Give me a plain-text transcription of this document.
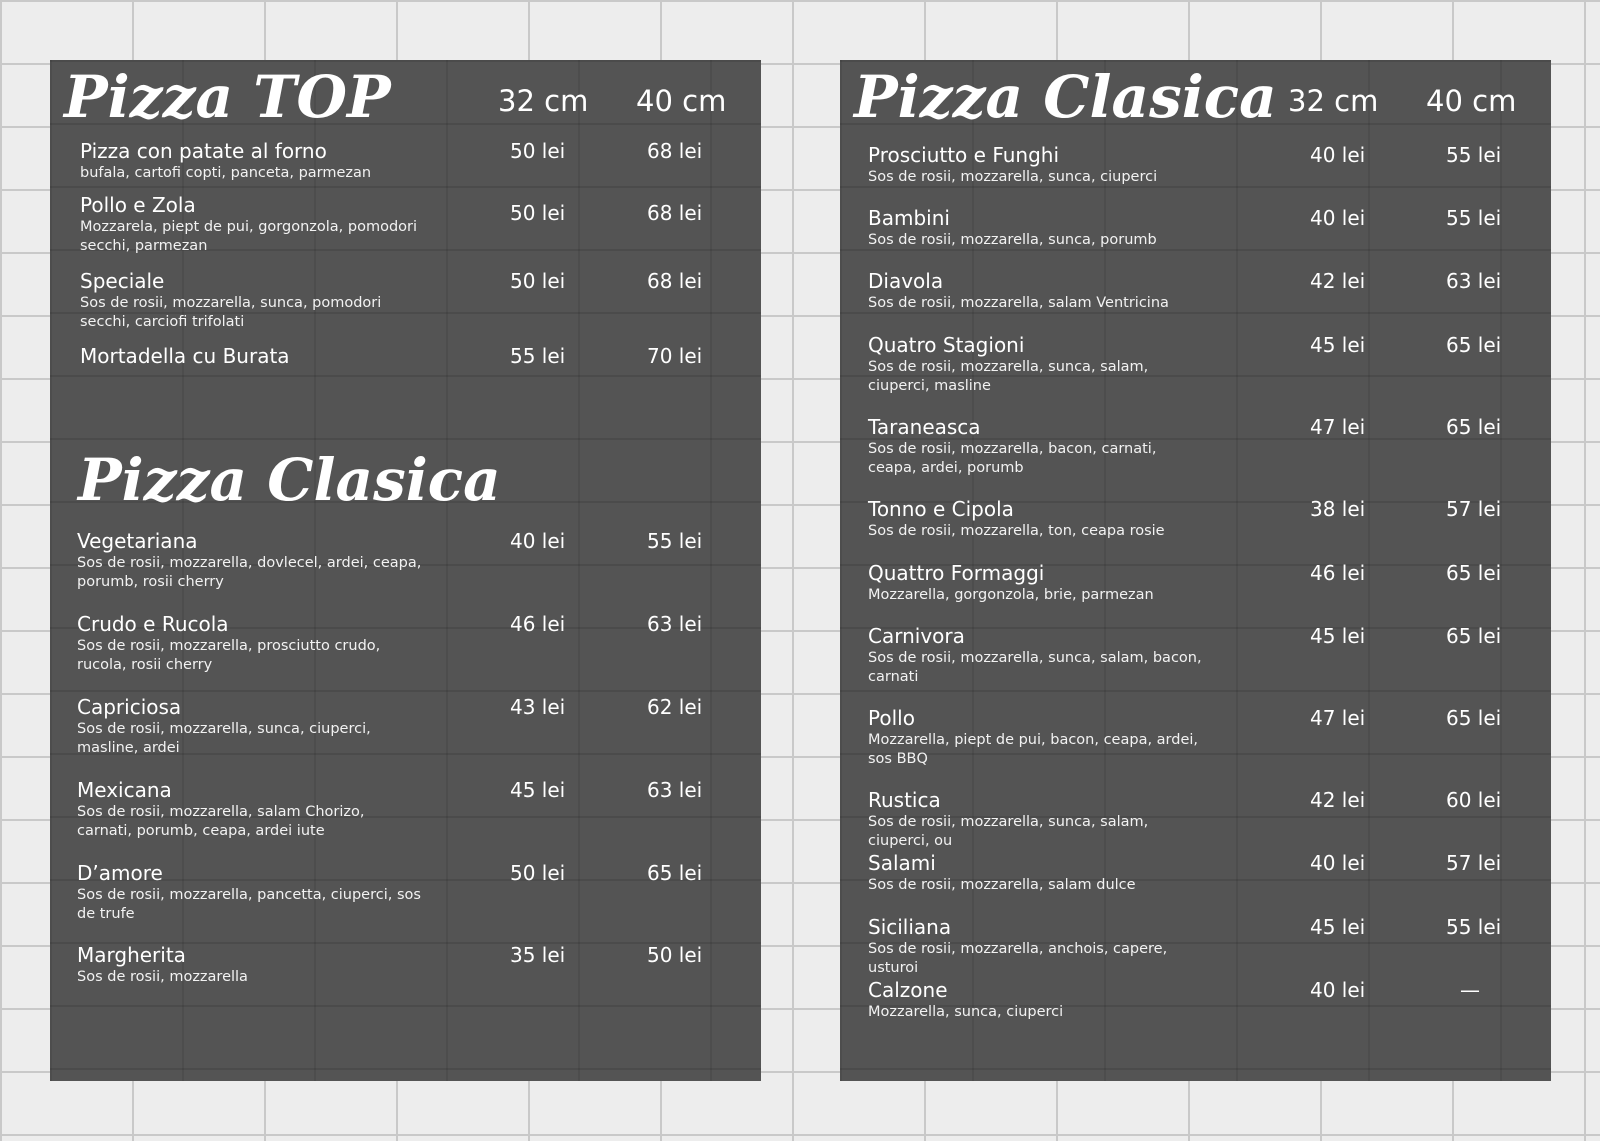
Pizza TOP	32 cm 40 cm
Pizza con patate al forno
bufala, cartofi copti, panceta, parmezan
50 lei	68 lei
Pollo e Zola
Mozzarela, piept de pui, gorgonzola, pomodori secchi, parmezan
50 lei	68 lei
Speciale
Sos de rosii, mozzarella, sunca, pomodori secchi, carciofi trifolati
50 lei	68 lei
Mortadella cu Burata	55 lei	70 lei
Pizza Clasica
Vegetariana
Sos de rosii, mozzarella, dovlecel, ardei, ceapa, porumb, rosii cherry
40 lei	55 lei
Crudo e Rucola
Sos de rosii, mozzarella, prosciutto crudo, rucola, rosii cherry
46 lei	63 lei
Capriciosa
Sos de rosii, mozzarella, sunca, ciuperci, masline, ardei
43 lei	62 lei
Mexicana
Sos de rosii, mozzarella, salam Chorizo, carnati, porumb, ceapa, ardei iute
45 lei	63 lei
D’amore
Sos de rosii, mozzarella, pancetta, ciuperci, sos de trufe
50 lei	65 lei
Margherita
Sos de rosii, mozzarella
35 lei	50 lei
Pizza Clasica 32 cm 40 cm
Prosciutto e Funghi
Sos de rosii, mozzarella, sunca, ciuperci
40 lei	55 lei
Bambini
Sos de rosii, mozzarella, sunca, porumb
40 lei	55 lei
Diavola
Sos de rosii, mozzarella, salam Ventricina
42 lei	63 lei
Quatro Stagioni
Sos de rosii, mozzarella, sunca, salam, ciuperci, masline
45 lei	65 lei
Taraneasca
Sos de rosii, mozzarella, bacon, carnati, ceapa, ardei, porumb
47 lei	65 lei
Tonno e Cipola
Sos de rosii, mozzarella, ton, ceapa rosie
38 lei	57 lei
Quattro Formaggi
Mozzarella, gorgonzola, brie, parmezan
46 lei	65 lei
Carnivora
Sos de rosii, mozzarella, sunca, salam, bacon, carnati
45 lei	65 lei
Pollo
Mozzarella, piept de pui, bacon, ceapa, ardei, sos BBQ
47 lei	65 lei
Rustica
Sos de rosii, mozzarella, sunca, salam, ciuperci, ou
42 lei	60 lei
Salami
Sos de rosii, mozzarella, salam dulce
40 lei	57 lei
Siciliana
Sos de rosii, mozzarella, anchois, capere, usturoi
45 lei	55 lei
Calzone
Mozzarella, sunca, ciuperci
40 lei	—
